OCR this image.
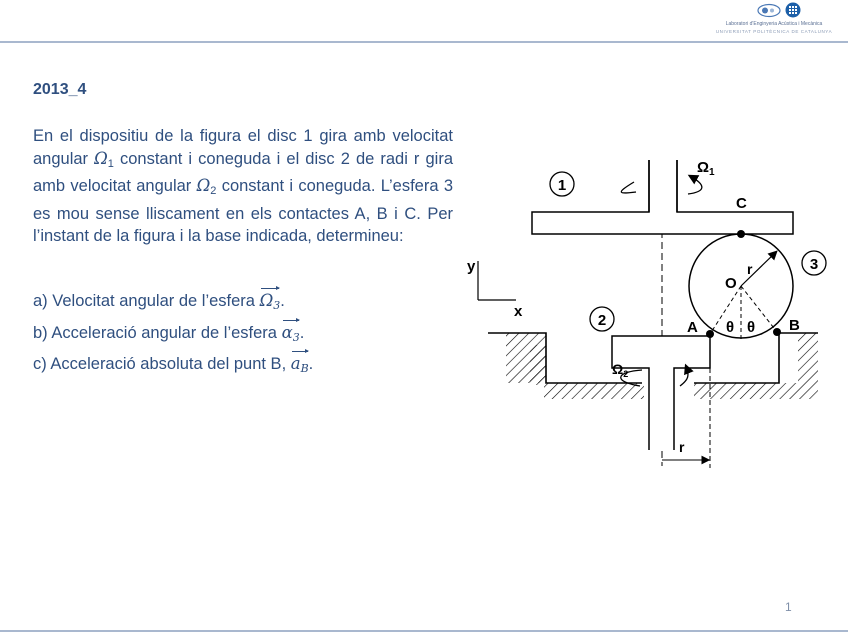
Laboratori d'Enginyeria Acústica i Mecànica
UNIVERSITAT POLITÈCNICA DE CATALUNYA
2013_4
En el dispositiu de la figura el disc 1 gira amb velocitat angular $\Omega_1$ constant i coneguda i el disc 2 de radi r gira amb velocitat angular $\Omega_2$ constant i coneguda. L’esfera 3 es mou sense lliscament en els contactes A, B i C. Per l’instant de la figura i la base indicada, determineu:
a) Velocitat angular de l’esfera $\Omega_3$.
b) Acceleració angular de l’esfera $\alpha_3$.
c) Acceleració absoluta del punt B, $a_B$.
1
2
3
$\Omega_1$
$\Omega_2$
C
A	B
O
r
θ θ
y
x
r
1
